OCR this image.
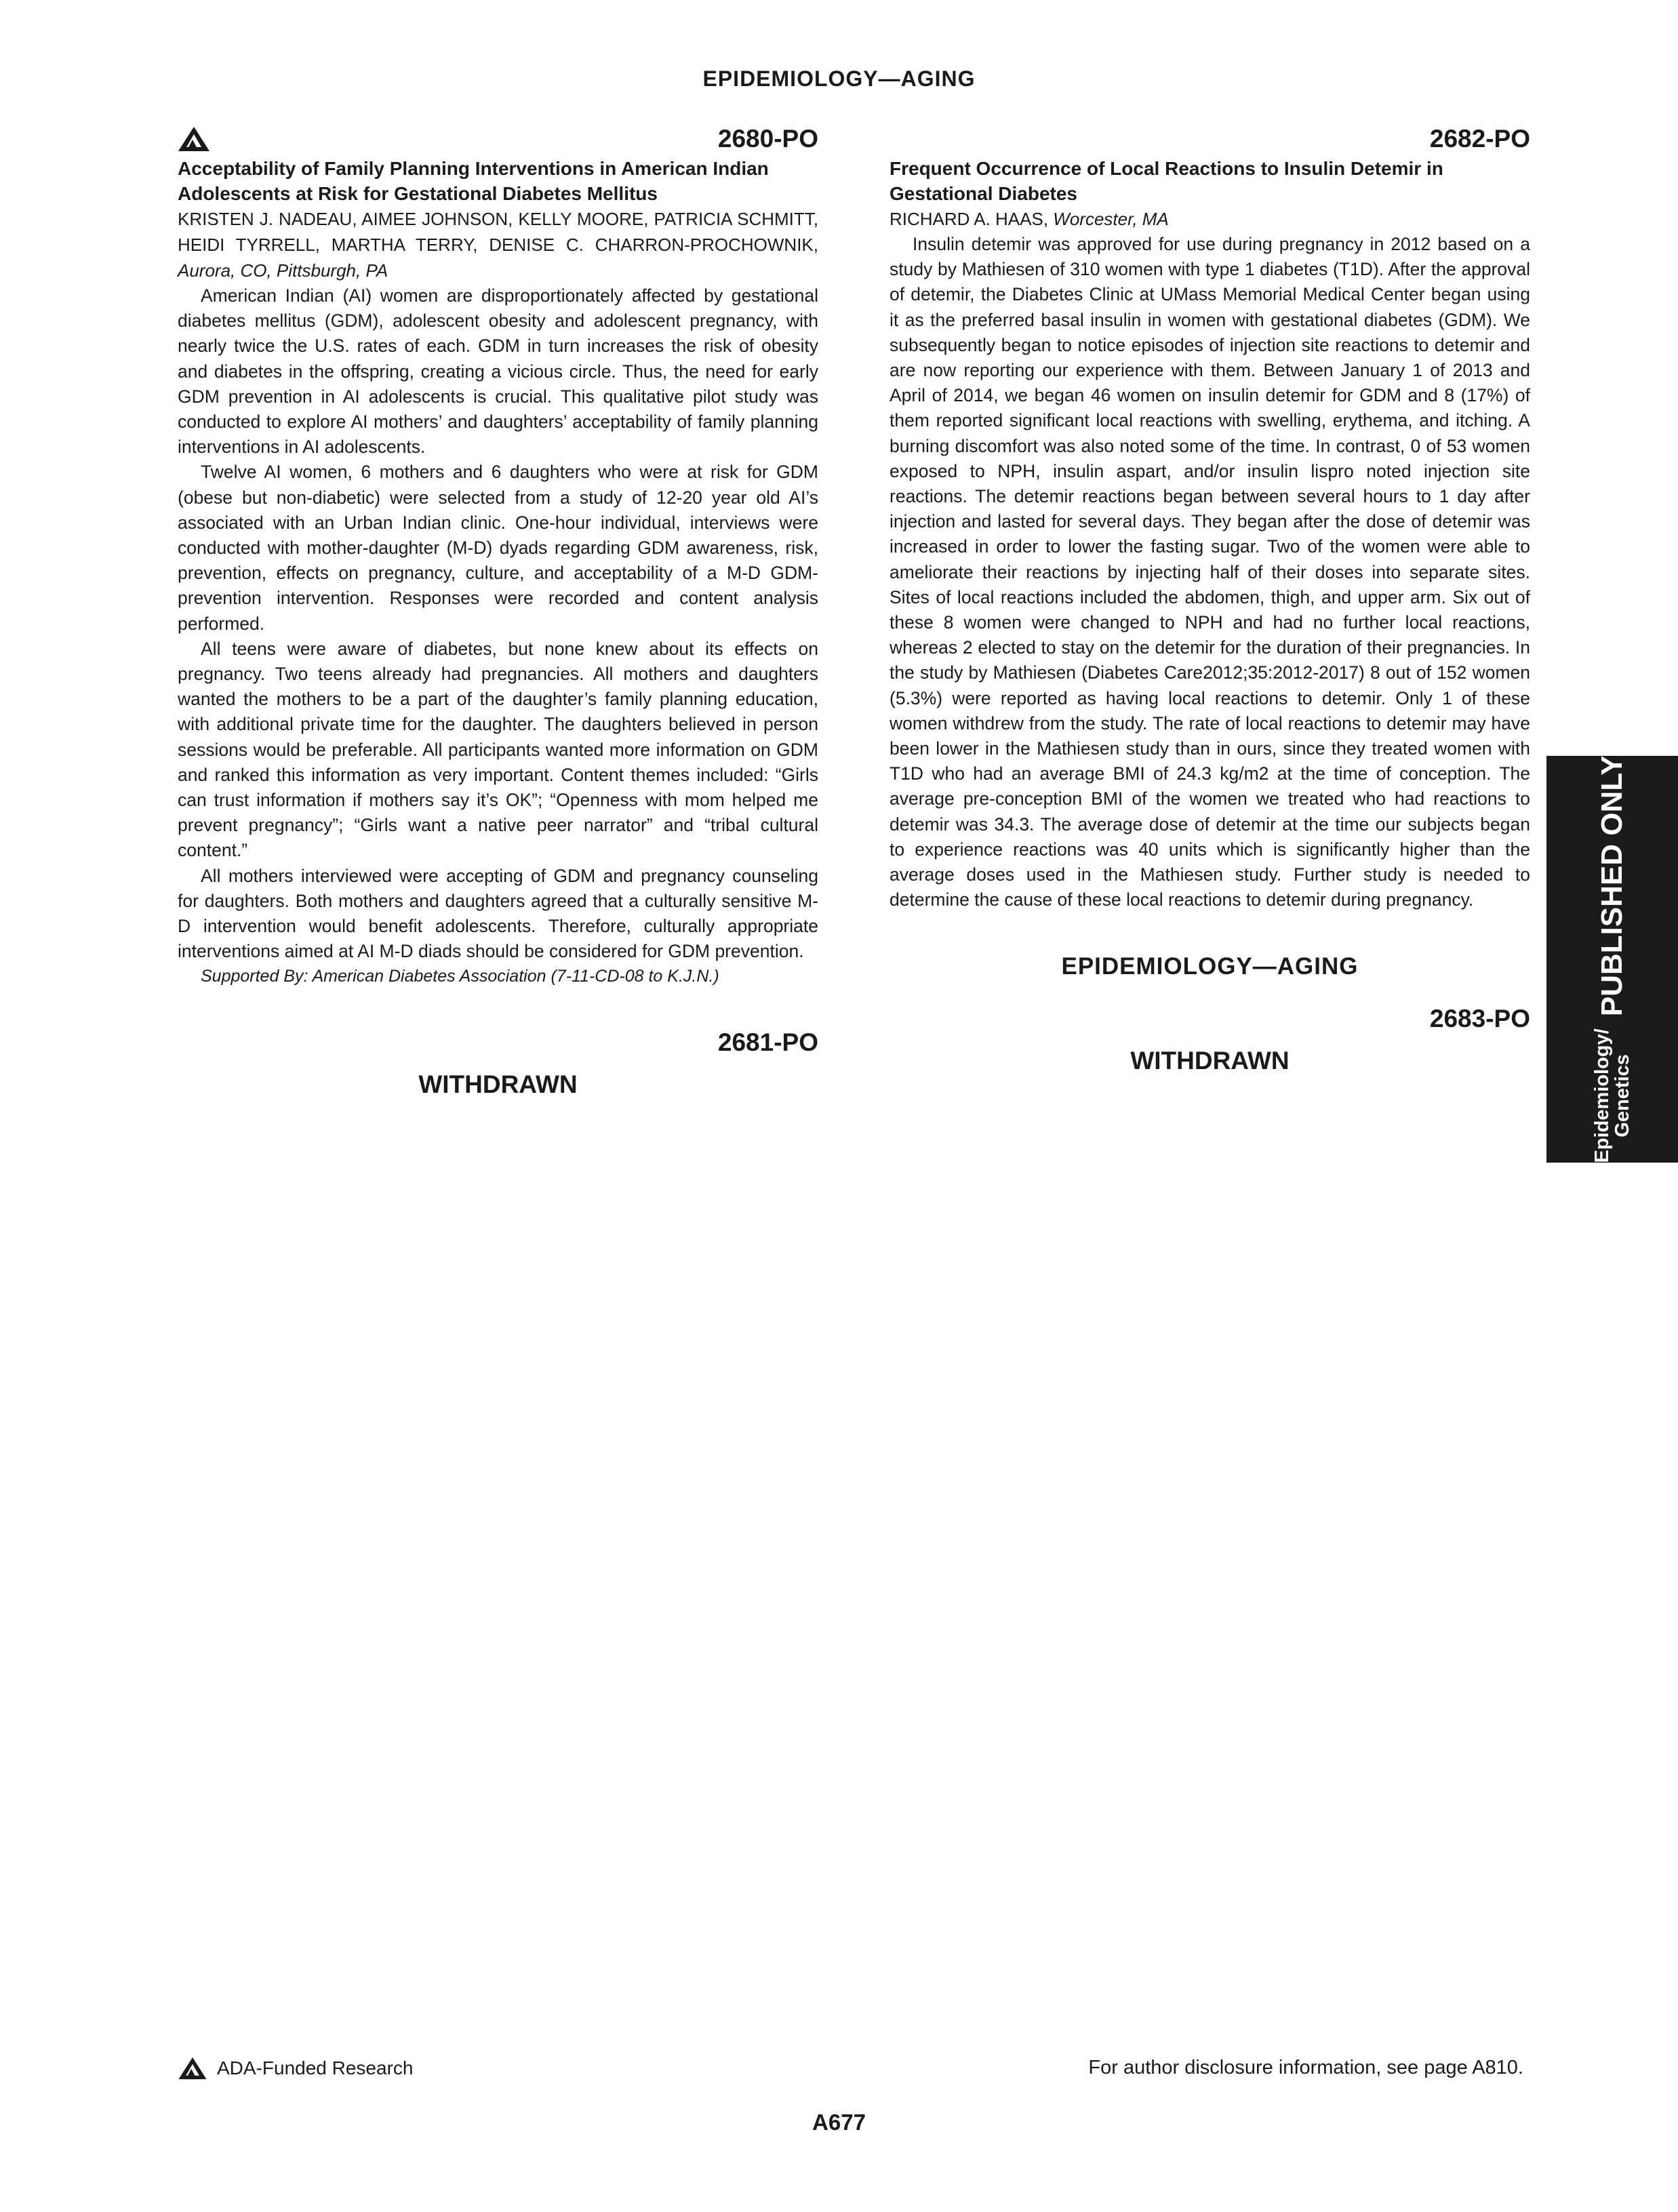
EPIDEMIOLOGY—AGING
2680-PO
Acceptability of Family Planning Interventions in American Indian Adolescents at Risk for Gestational Diabetes Mellitus
KRISTEN J. NADEAU, AIMEE JOHNSON, KELLY MOORE, PATRICIA SCHMITT, HEIDI TYRRELL, MARTHA TERRY, DENISE C. CHARRON-PROCHOWNIK, Aurora, CO, Pittsburgh, PA

American Indian (AI) women are disproportionately affected by gestational diabetes mellitus (GDM), adolescent obesity and adolescent pregnancy, with nearly twice the U.S. rates of each. GDM in turn increases the risk of obesity and diabetes in the offspring, creating a vicious circle. Thus, the need for early GDM prevention in AI adolescents is crucial. This qualitative pilot study was conducted to explore AI mothers’ and daughters’ acceptability of family planning interventions in AI adolescents.

Twelve AI women, 6 mothers and 6 daughters who were at risk for GDM (obese but non-diabetic) were selected from a study of 12-20 year old AI’s associated with an Urban Indian clinic. One-hour individual, interviews were conducted with mother-daughter (M-D) dyads regarding GDM awareness, risk, prevention, effects on pregnancy, culture, and acceptability of a M-D GDM-prevention intervention. Responses were recorded and content analysis performed.

All teens were aware of diabetes, but none knew about its effects on pregnancy. Two teens already had pregnancies. All mothers and daughters wanted the mothers to be a part of the daughter’s family planning education, with additional private time for the daughter. The daughters believed in person sessions would be preferable. All participants wanted more information on GDM and ranked this information as very important. Content themes included: “Girls can trust information if mothers say it’s OK”; “Openness with mom helped me prevent pregnancy”; “Girls want a native peer narrator” and “tribal cultural content.”

All mothers interviewed were accepting of GDM and pregnancy counseling for daughters. Both mothers and daughters agreed that a culturally sensitive M-D intervention would benefit adolescents. Therefore, culturally appropriate interventions aimed at AI M-D diads should be considered for GDM prevention.

Supported By: American Diabetes Association (7-11-CD-08 to K.J.N.)

2681-PO
WITHDRAWN
2682-PO
Frequent Occurrence of Local Reactions to Insulin Detemir in Gestational Diabetes
RICHARD A. HAAS, Worcester, MA

Insulin detemir was approved for use during pregnancy in 2012 based on a study by Mathiesen of 310 women with type 1 diabetes (T1D). After the approval of detemir, the Diabetes Clinic at UMass Memorial Medical Center began using it as the preferred basal insulin in women with gestational diabetes (GDM). We subsequently began to notice episodes of injection site reactions to detemir and are now reporting our experience with them. Between January 1 of 2013 and April of 2014, we began 46 women on insulin detemir for GDM and 8 (17%) of them reported significant local reactions with swelling, erythema, and itching. A burning discomfort was also noted some of the time. In contrast, 0 of 53 women exposed to NPH, insulin aspart, and/or insulin lispro noted injection site reactions. The detemir reactions began between several hours to 1 day after injection and lasted for several days. They began after the dose of detemir was increased in order to lower the fasting sugar. Two of the women were able to ameliorate their reactions by injecting half of their doses into separate sites. Sites of local reactions included the abdomen, thigh, and upper arm. Six out of these 8 women were changed to NPH and had no further local reactions, whereas 2 elected to stay on the detemir for the duration of their pregnancies. In the study by Mathiesen (Diabetes Care2012;35:2012-2017) 8 out of 152 women (5.3%) were reported as having local reactions to detemir. Only 1 of these women withdrew from the study. The rate of local reactions to detemir may have been lower in the Mathiesen study than in ours, since they treated women with T1D who had an average BMI of 24.3 kg/m2 at the time of conception. The average pre-conception BMI of the women we treated who had reactions to detemir was 34.3. The average dose of detemir at the time our subjects began to experience reactions was 40 units which is significantly higher than the average doses used in the Mathiesen study. Further study is needed to determine the cause of these local reactions to detemir during pregnancy.

EPIDEMIOLOGY—AGING
2683-PO
WITHDRAWN	Epidemiology/
Genetics
PUBLISHED ONLY
ADA-Funded Research	For author disclosure information, see page A810.
A677
